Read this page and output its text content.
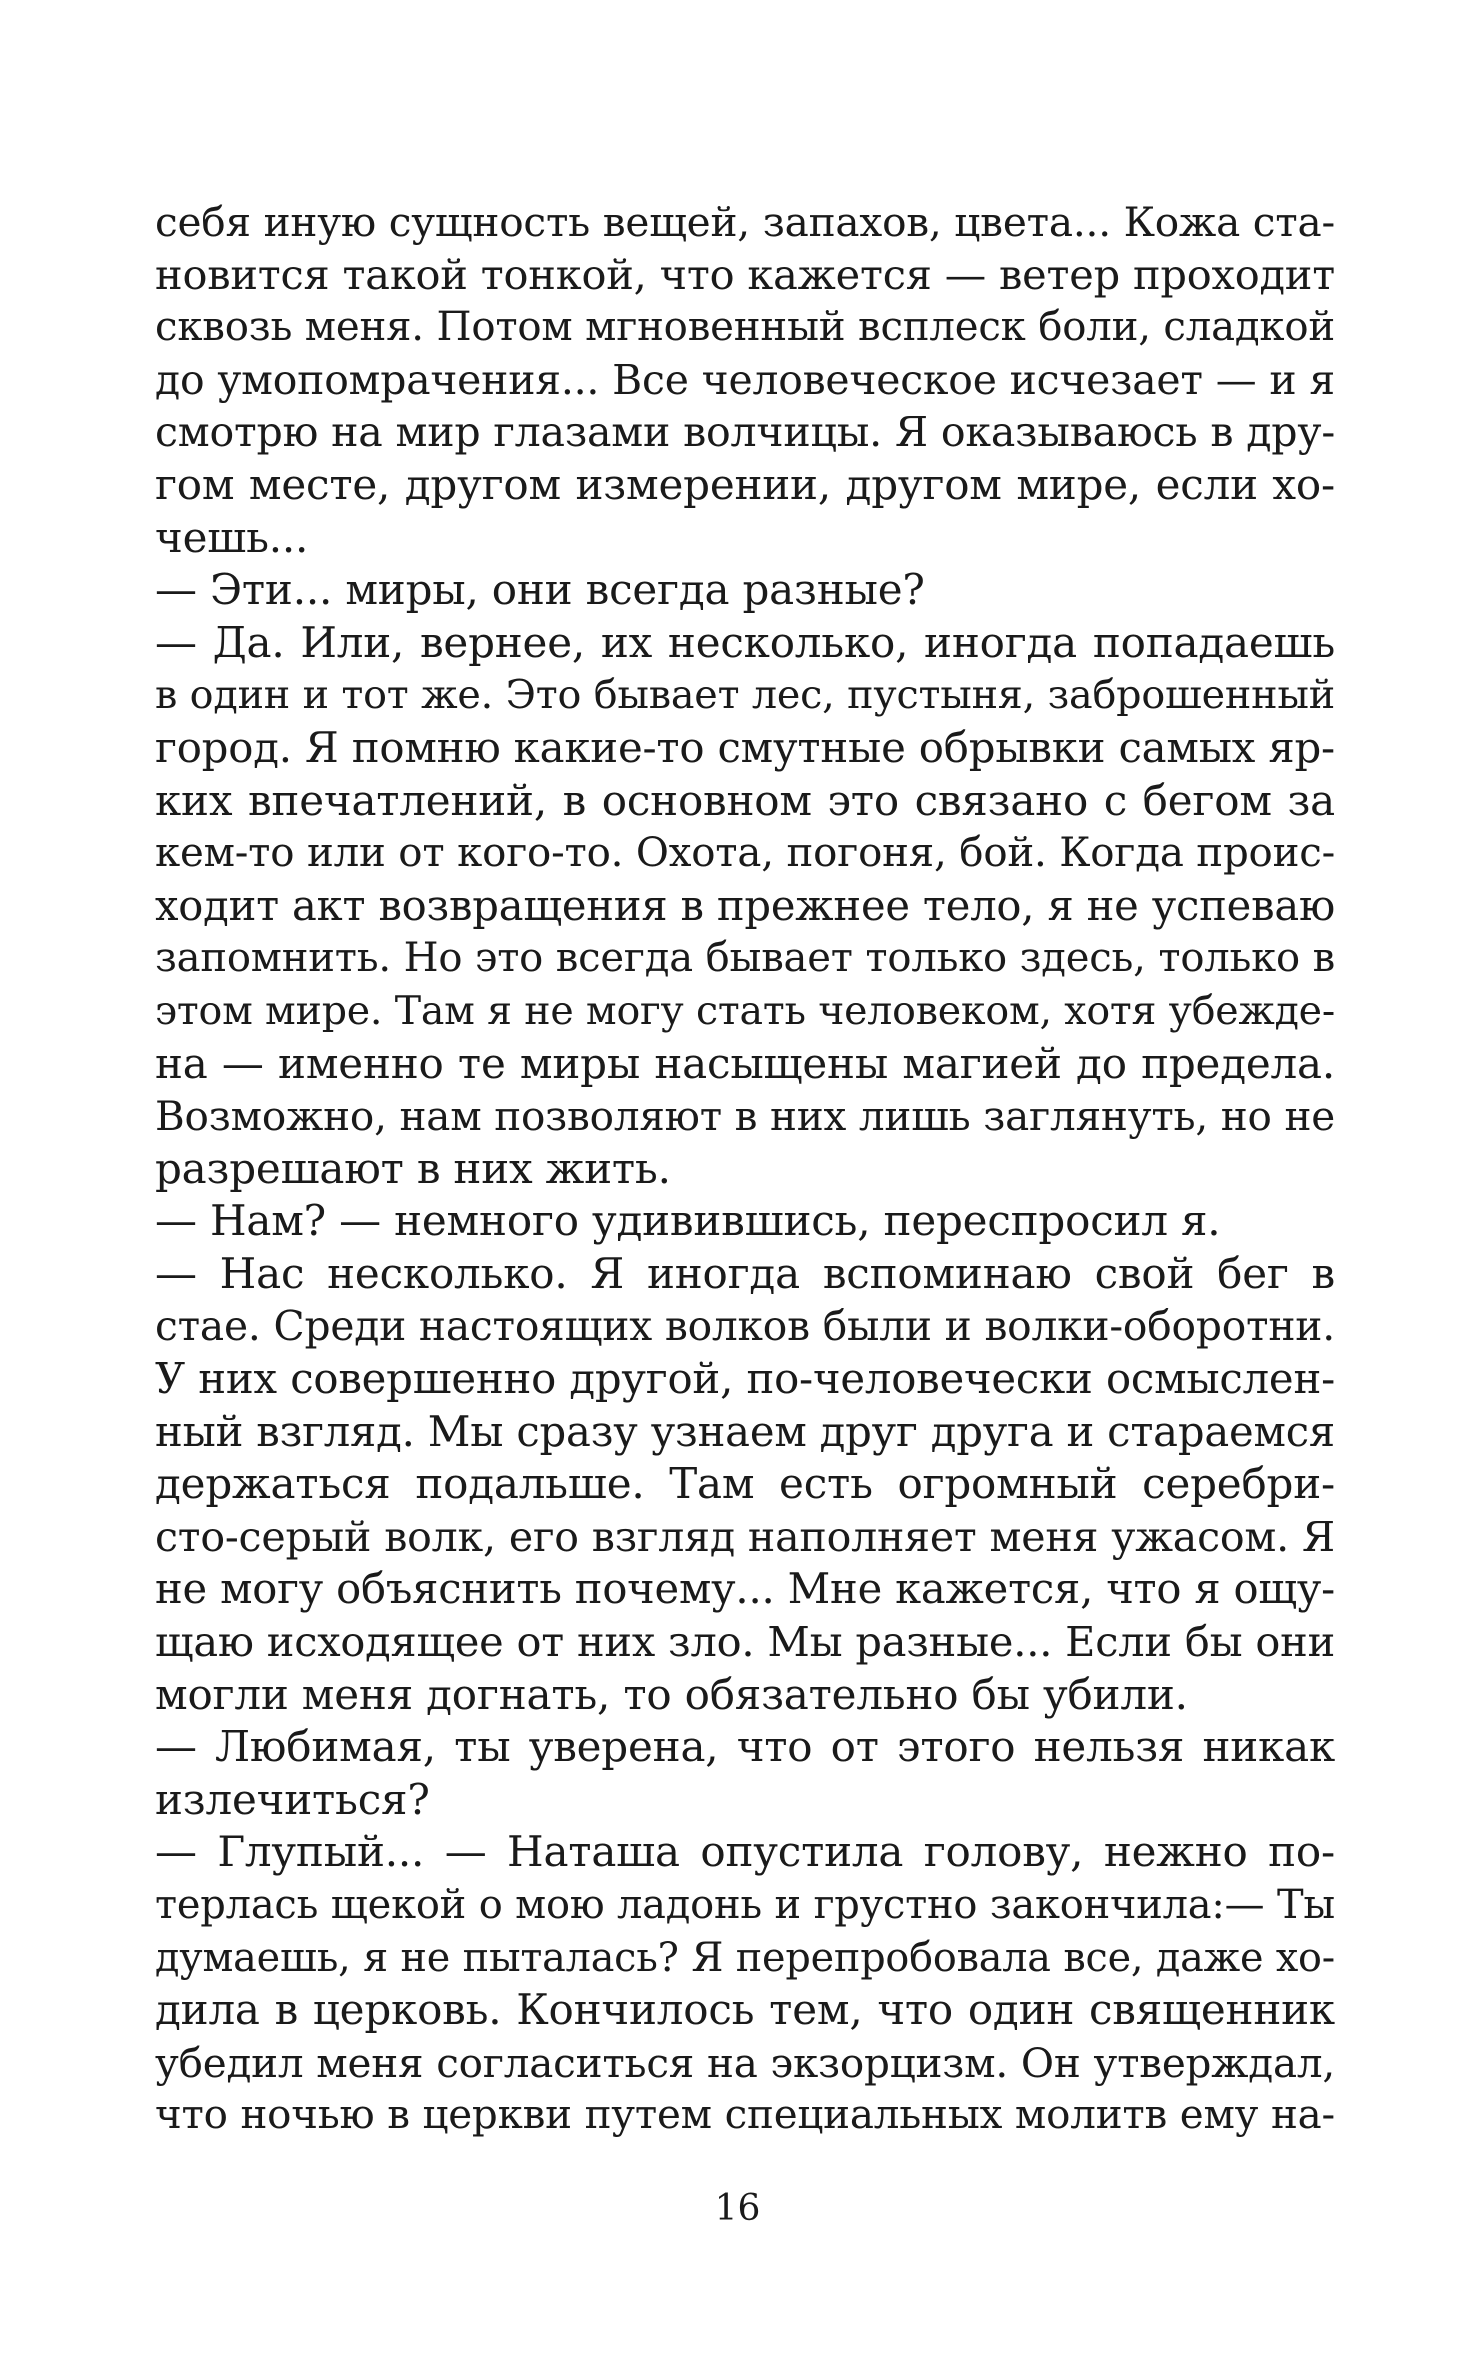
себя иную сущность вещей, запахов, цвета... Кожа ста-
новится такой тонкой, что кажется — ветер проходит
сквозь меня. Потом мгновенный всплеск боли, сладкой
до умопомрачения... Все человеческое исчезает — и я
смотрю на мир глазами волчицы. Я оказываюсь в дру-
гом месте, другом измерении, другом мире, если хо-
чешь...
— Эти... миры, они всегда разные?
— Да. Или, вернее, их несколько, иногда попадаешь
в один и тот же. Это бывает лес, пустыня, заброшенный
город. Я помню какие-то смутные обрывки самых яр-
ких впечатлений, в основном это связано с бегом за
кем-то или от кого-то. Охота, погоня, бой. Когда проис-
ходит акт возвращения в прежнее тело, я не успеваю
запомнить. Но это всегда бывает только здесь, только в
этом мире. Там я не могу стать человеком, хотя убежде-
на — именно те миры насыщены магией до предела.
Возможно, нам позволяют в них лишь заглянуть, но не
разрешают в них жить.
— Нам? — немного удивившись, переспросил я.
— Нас несколько. Я иногда вспоминаю свой бег в
стае. Среди настоящих волков были и волки-оборотни.
У них совершенно другой, по-человечески осмыслен-
ный взгляд. Мы сразу узнаем друг друга и стараемся
держаться подальше. Там есть огромный серебри-
сто-серый волк, его взгляд наполняет меня ужасом. Я
не могу объяснить почему... Мне кажется, что я ощу-
щаю исходящее от них зло. Мы разные... Если бы они
могли меня догнать, то обязательно бы убили.
— Любимая, ты уверена, что от этого нельзя никак
излечиться?
— Глупый... — Наташа опустила голову, нежно по-
терлась щекой о мою ладонь и грустно закончила:— Ты
думаешь, я не пыталась? Я перепробовала все, даже хо-
дила в церковь. Кончилось тем, что один священник
убедил меня согласиться на экзорцизм. Он утверждал,
что ночью в церкви путем специальных молитв ему на-
16
